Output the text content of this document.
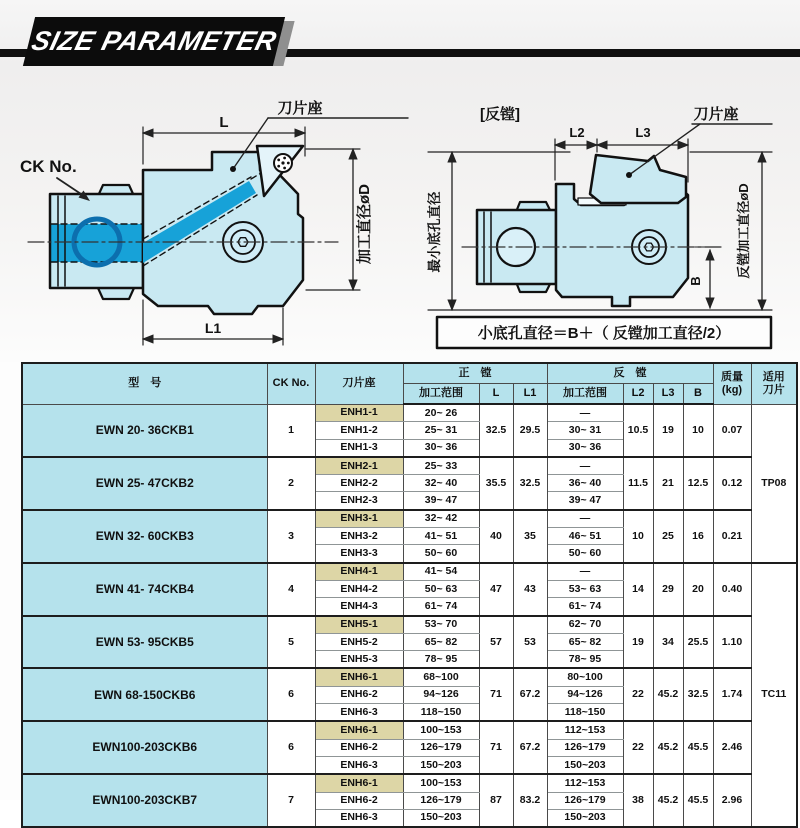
SIZE PARAMETER
L
L1
加工直径øD
刀片座
CK No.
[反镗]
L2	L3
刀片座
最小底孔直径	反镗加工直径øD
B
小底孔直径＝B＋（ 反镗加工直径/2）
型　号	CK No.	刀片座	正　镗			反　镗				质量
(kg)	适用
刀片

			加工范围	L	L1	加工范围	L2	L3	B		
EWN 20- 36CKB1	1	ENH1-1	20~ 26	32.5	29.5	—	10.5	19	10	0.07	TP08
		ENH1-2	25~ 31			30~ 31					
		ENH1-3	30~ 36			30~ 36					
EWN 25- 47CKB2	2	ENH2-1	25~ 33	35.5	32.5	—	11.5	21	12.5	0.12	
		ENH2-2	32~ 40			36~ 40					
		ENH2-3	39~ 47			39~ 47					
EWN 32- 60CKB3	3	ENH3-1	32~ 42	40	35	—	10	25	16	0.21	
		ENH3-2	41~ 51			46~ 51					
		ENH3-3	50~ 60			50~ 60					
EWN 41- 74CKB4	4	ENH4-1	41~ 54	47	43	—	14	29	20	0.40	TC11
		ENH4-2	50~ 63			53~ 63					
		ENH4-3	61~ 74			61~ 74					
EWN 53- 95CKB5	5	ENH5-1	53~ 70	57	53	62~ 70	19	34	25.5	1.10	
		ENH5-2	65~ 82			65~ 82					
		ENH5-3	78~ 95			78~ 95					
EWN 68-150CKB6	6	ENH6-1	68~100	71	67.2	80~100	22	45.2	32.5	1.74	
		ENH6-2	94~126			94~126					
		ENH6-3	118~150			118~150					
EWN100-203CKB6	6	ENH6-1	100~153	71	67.2	112~153	22	45.2	45.5	2.46	
		ENH6-2	126~179			126~179					
		ENH6-3	150~203			150~203					
EWN100-203CKB7	7	ENH6-1	100~153	87	83.2	112~153	38	45.2	45.5	2.96	
		ENH6-2	126~179			126~179					
		ENH6-3	150~203			150~203					
